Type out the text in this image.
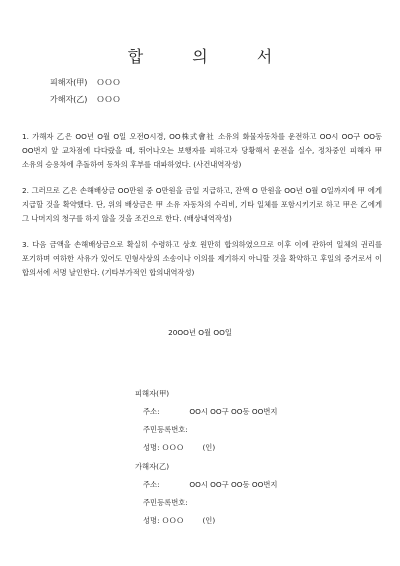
합 의 서
피해자(甲) ＯＯＯ
가해자(乙) ＯＯＯ
1. 가해자 乙은 OO년 O월 O일 오전O시경, OO株式會社 소유의 화물자동차를 운전하고 OO시 OO구 OO동 OO번지 앞 교차점에 다다랐을 때, 뛰어나오는 보행자를 피하고자 당황해서 운전을 실수, 정차중인 피해자 甲 소유의 승용차에 추돌하여 동차의 후부를 대파하였다. (사건내역작성)
2. 그러므로 乙은 손해배상금 OO만원 중 O만원을 금일 지급하고, 잔액 O 만원을 OO년 O월 O일까지에 甲 에게 지급할 것을 확약했다. 단, 위의 배상금은 甲 소유 자동차의 수리비, 기타 일체를 포함시키기로 하고 甲은 乙에게 그 나머지의 청구를 하지 않을 것을 조건으로 한다. (배상내역작성)
3. 다음 금액을 손해배상금으로 확실히 수령하고 상호 원만히 합의하였으므로 이후 이에 관하여 일체의 권리를 포기하며 여하한 사유가 있어도 민형사상의 소송이나 이의를 제기하지 아니할 것을 확약하고 후일의 증거로서 이 합의서에 서명 날인한다. (기타부가적인 합의내역작성)
20OO년 O월 OO일
피해자(甲)
주소:	OO시 OO구 OO동 OO번지
주민등록번호:
성명: ＯＯＯ	(인)
가해자(乙)
주소:	OO시 OO구 OO동 OO번지
주민등록번호:
성명: ＯＯＯ	(인)
